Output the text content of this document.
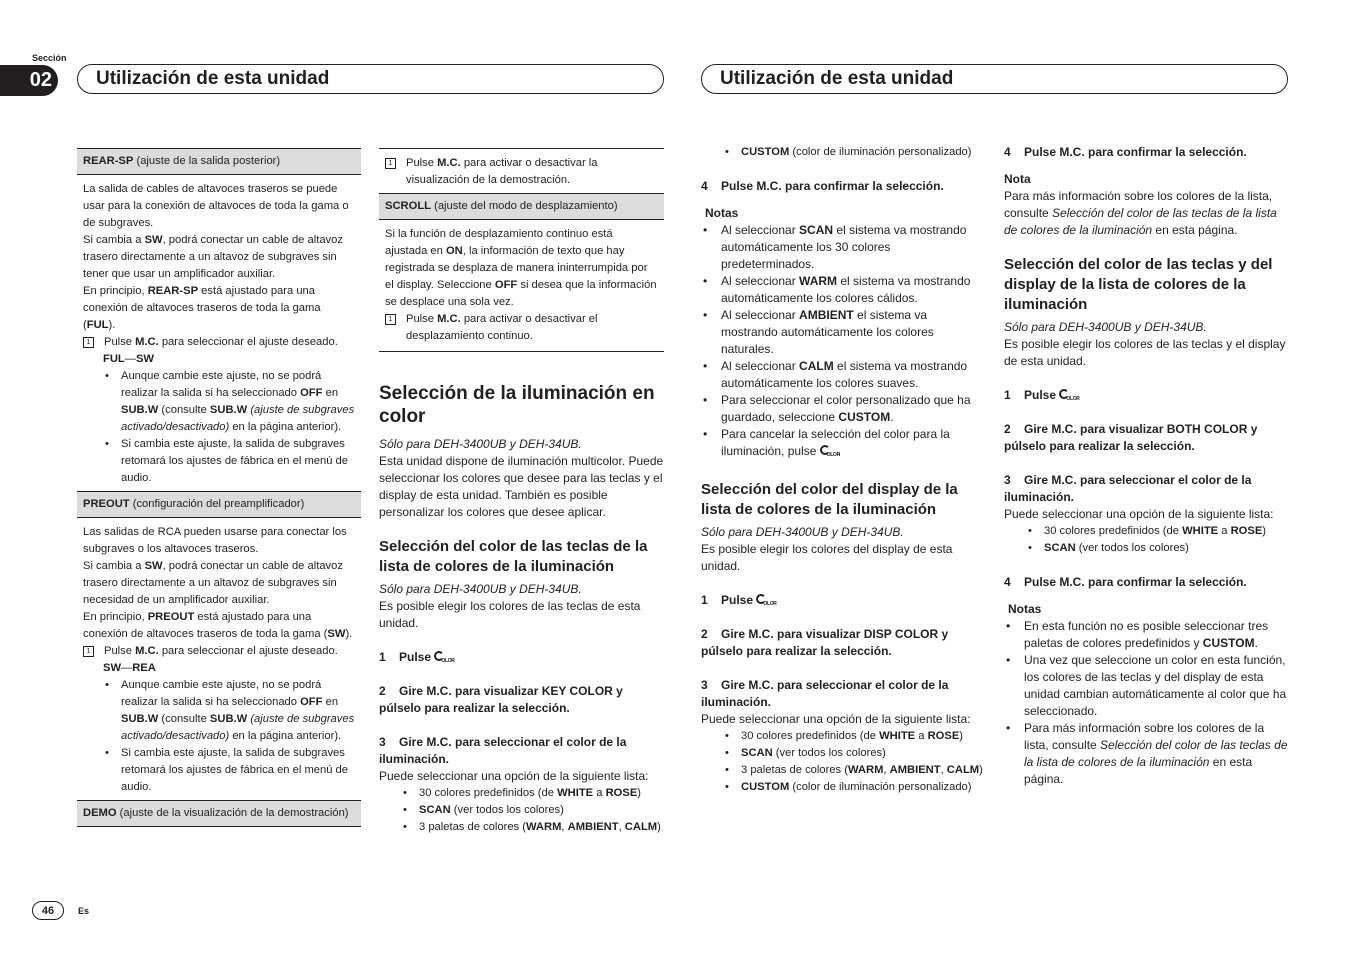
Sección
02	Utilización de esta unidad	Utilización de esta unidad
REAR-SP (ajuste de la salida posterior)

La salida de cables de altavoces traseros se puede usar para la conexión de altavoces de toda la gama o de subgraves.

Si cambia a SW, podrá conectar un cable de altavoz trasero directamente a un altavoz de subgraves sin tener que usar un amplificador auxiliar.

En principio, REAR-SP está ajustado para una conexión de altavoces traseros de toda la gama (FUL).

1	Pulse M.C. para seleccionar el ajuste deseado.

FUL—SW

• Aunque cambie este ajuste, no se podrá realizar la salida si ha seleccionado OFF en SUB.W (consulte SUB.W (ajuste de subgraves activado/desactivado) en la página anterior).
• Si cambia este ajuste, la salida de subgraves retomará los ajustes de fábrica en el menú de audio.
PREOUT (configuración del preamplificador)

Las salidas de RCA pueden usarse para conectar los subgraves o los altavoces traseros.

Si cambia a SW, podrá conectar un cable de altavoz trasero directamente a un altavoz de subgraves sin necesidad de un amplificador auxiliar.

En principio, PREOUT está ajustado para una conexión de altavoces traseros de toda la gama (SW).

1	Pulse M.C. para seleccionar el ajuste deseado.

SW—REA

• Aunque cambie este ajuste, no se podrá realizar la salida si ha seleccionado OFF en SUB.W (consulte SUB.W (ajuste de subgraves activado/desactivado) en la página anterior).
• Si cambia este ajuste, la salida de subgraves retomará los ajustes de fábrica en el menú de audio.
DEMO (ajuste de la visualización de la demostración)
1	Pulse M.C. para activar o desactivar la visualización de la demostración.
SCROLL (ajuste del modo de desplazamiento)

Si la función de desplazamiento continuo está ajustada en ON, la información de texto que hay registrada se desplaza de manera ininterrumpida por el display. Seleccione OFF si desea que la información se desplace una sola vez.

1	Pulse M.C. para activar o desactivar el desplazamiento continuo.
Selección de la iluminación en color

Sólo para DEH-3400UB y DEH-34UB.

Esta unidad dispone de iluminación multicolor. Puede seleccionar los colores que desee para las teclas y el display de esta unidad. También es posible personalizar los colores que desee aplicar.

Selección del color de las teclas de la lista de colores de la iluminación

Sólo para DEH-3400UB y DEH-34UB.

Es posible elegir los colores de las teclas de esta unidad.

1 Pulse OLOR

2 Gire M.C. para visualizar KEY COLOR y púlselo para realizar la selección.

3 Gire M.C. para seleccionar el color de la iluminación.

Puede seleccionar una opción de la siguiente lista:

• 30 colores predefinidos (de WHITE a ROSE)
• SCAN (ver todos los colores)
• 3 paletas de colores (WARM, AMBIENT, CALM)
• CUSTOM (color de iluminación personalizado)

4 Pulse M.C. para confirmar la selección.

Notas

• Al seleccionar SCAN el sistema va mostrando automáticamente los 30 colores predeterminados.
• Al seleccionar WARM el sistema va mostrando automáticamente los colores cálidos.
• Al seleccionar AMBIENT el sistema va mostrando automáticamente los colores naturales.
• Al seleccionar CALM el sistema va mostrando automáticamente los colores suaves.
• Para seleccionar el color personalizado que ha guardado, seleccione CUSTOM.
• Para cancelar la selección del color para la iluminación, pulse OLOR.
Selección del color del display de la lista de colores de la iluminación

Sólo para DEH-3400UB y DEH-34UB.

Es posible elegir los colores del display de esta unidad.

1 Pulse OLOR

2 Gire M.C. para visualizar DISP COLOR y púlselo para realizar la selección.

3 Gire M.C. para seleccionar el color de la iluminación.

Puede seleccionar una opción de la siguiente lista:

• 30 colores predefinidos (de WHITE a ROSE)
• SCAN (ver todos los colores)
• 3 paletas de colores (WARM, AMBIENT, CALM)
• CUSTOM (color de iluminación personalizado)

4 Pulse M.C. para confirmar la selección.

Nota

Para más información sobre los colores de la lista, consulte Selección del color de las teclas de la lista de colores de la iluminación en esta página.

Selección del color de las teclas y del display de la lista de colores de la iluminación

Sólo para DEH-3400UB y DEH-34UB.

Es posible elegir los colores de las teclas y el display de esta unidad.

1 Pulse OLOR

2 Gire M.C. para visualizar BOTH COLOR y púlselo para realizar la selección.

3 Gire M.C. para seleccionar el color de la iluminación.

Puede seleccionar una opción de la siguiente lista:

• 30 colores predefinidos (de WHITE a ROSE)
• SCAN (ver todos los colores)

4 Pulse M.C. para confirmar la selección.

Notas

• En esta función no es posible seleccionar tres paletas de colores predefinidos y CUSTOM.
• Una vez que seleccione un color en esta función, los colores de las teclas y del display de esta unidad cambian automáticamente al color que ha seleccionado.
• Para más información sobre los colores de la lista, consulte Selección del color de las teclas de la lista de colores de la iluminación en esta página.
46	Es
